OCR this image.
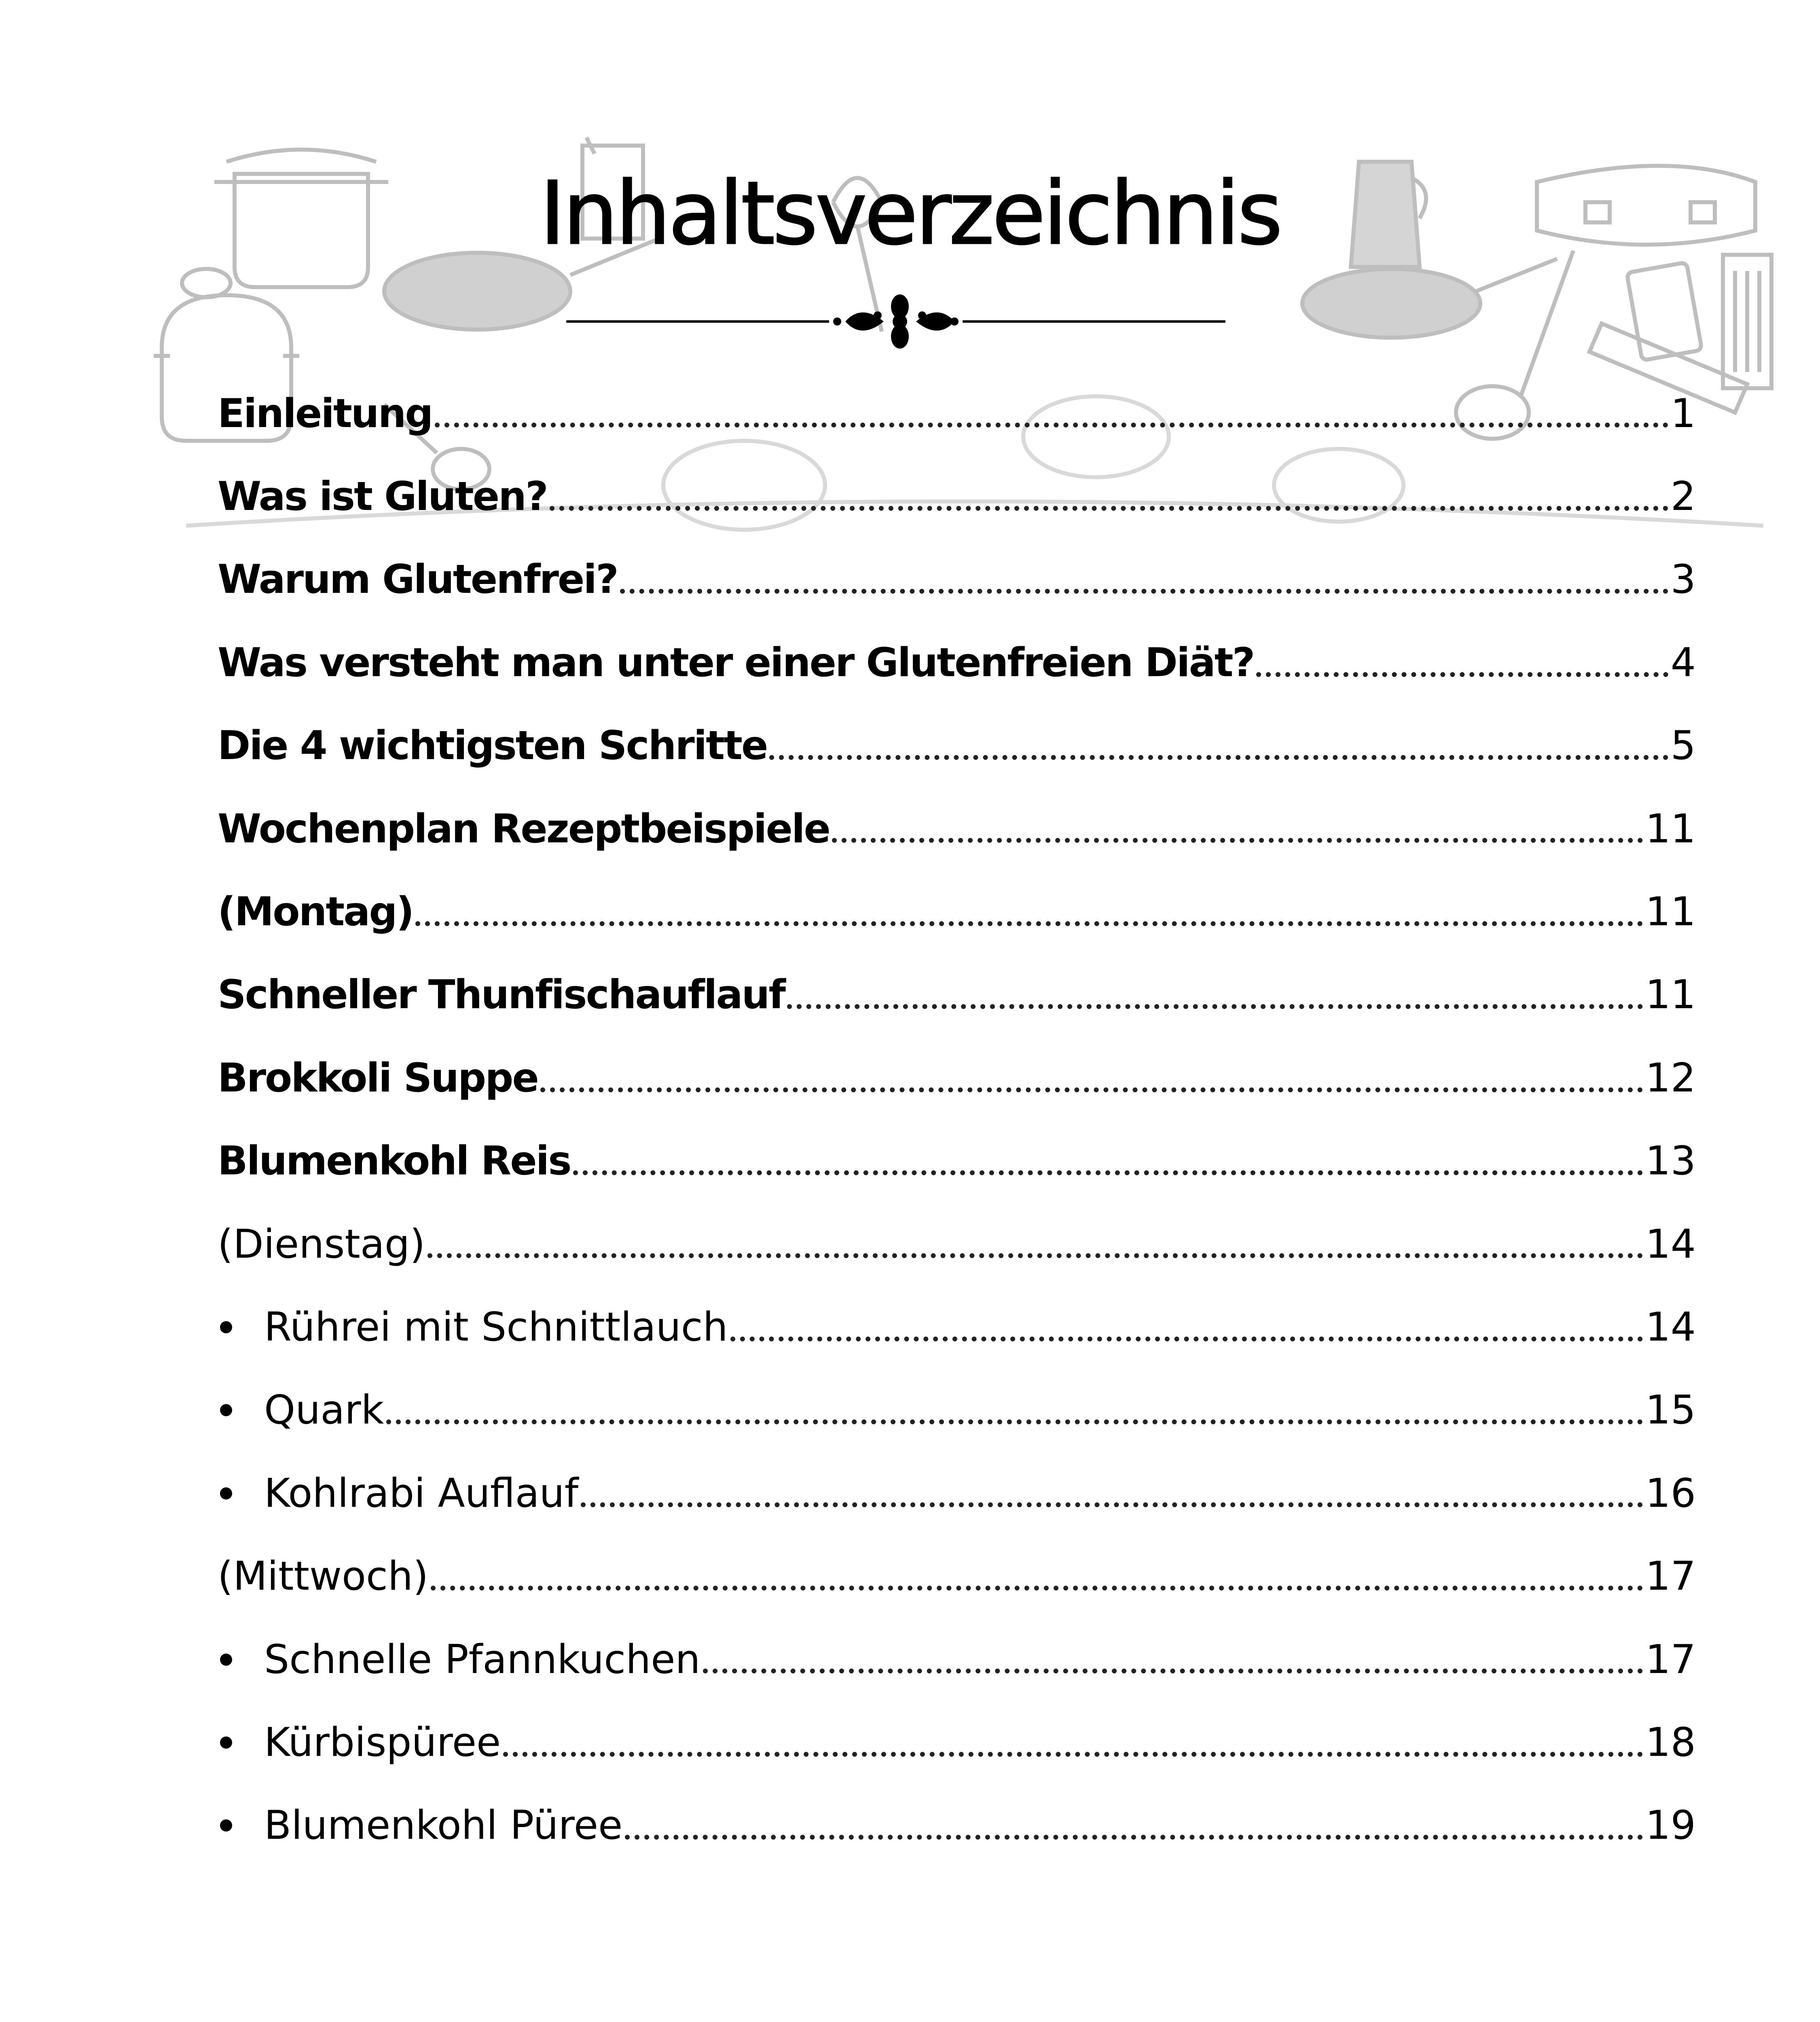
Inhaltsverzeichnis
Einleitung	1
Was ist Gluten?	2
Warum Glutenfrei?	3
Was versteht man unter einer Glutenfreien Diät?	4
Die 4 wichtigsten Schritte	5
Wochenplan Rezeptbeispiele	11
(Montag)	11
Schneller Thunfischauflauf	11
Brokkoli Suppe	12
Blumenkohl Reis	13
(Dienstag)	14
Rührei mit Schnittlauch	14
Quark	15
Kohlrabi Auflauf	16
(Mittwoch)	17
Schnelle Pfannkuchen	17
Kürbispüree	18
Blumenkohl Püree	19
